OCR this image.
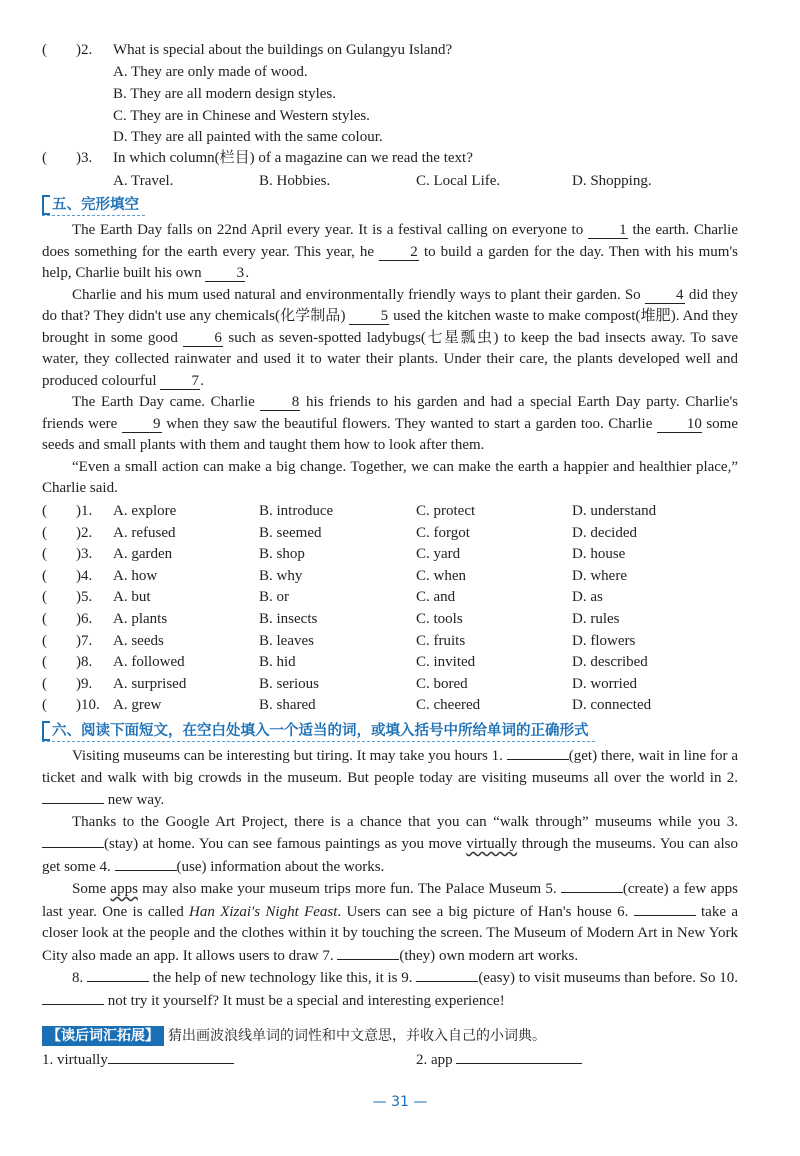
( )2. What is special about the buildings on Gulangyu Island?
A. They are only made of wood.
B. They are all modern design styles.
C. They are in Chinese and Western styles.
D. They are all painted with the same colour.
( )3. In which column(栏目) of a magazine can we read the text?
A. Travel.	B. Hobbies.	C. Local Life.	D. Shopping.
五、完形填空

The Earth Day falls on 22nd April every year. It is a festival calling on everyone to 1 the earth. Charlie does something for the earth every year. This year, he 2 to build a garden for the day. Then with his mum's help, Charlie built his own 3.

Charlie and his mum used natural and environmentally friendly ways to plant their garden. So 4 did they do that? They didn't use any chemicals(化学制品) 5 used the kitchen waste to make compost(堆肥). And they brought in some good 6 such as seven-spotted ladybugs(七星瓢虫) to keep the bad insects away. To save water, they collected rainwater and used it to water their plants. Under their care, the plants developed well and produced colourful 7.

The Earth Day came. Charlie 8 his friends to his garden and had a special Earth Day party. Charlie's friends were 9 when they saw the beautiful flowers. They wanted to start a garden too. Charlie 10 some seeds and small plants with them and taught them how to look after them.

“Even a small action can make a big change. Together, we can make the earth a happier and healthier place,” Charlie said.

( )1. A. explore	B. introduce	C. protect	D. understand
( )2. A. refused	B. seemed	C. forgot	D. decided
( )3. A. garden	B. shop	C. yard	D. house
( )4. A. how	B. why	C. when	D. where
( )5. A. but	B. or	C. and	D. as
( )6. A. plants	B. insects	C. tools	D. rules
( )7. A. seeds	B. leaves	C. fruits	D. flowers
( )8. A. followed	B. hid	C. invited	D. described
( )9. A. surprised	B. serious	C. bored	D. worried
( )10. A. grew	B. shared	C. cheered	D. connected
六、阅读下面短文，在空白处填入一个适当的词，或填入括号中所给单词的正确形式

Visiting museums can be interesting but tiring. It may take you hours 1.	(get) there, wait in line for a ticket and walk with big crowds in the museum. But people today are visiting museums all over the world in 2.  new way.

Thanks to the Google Art Project, there is a chance that you can “walk through” museums while you 3. (stay) at home. You can see famous paintings as you move virtually through the museums. You can also get some 4.	(use) information about the works.

Some apps may also make your museum trips more fun. The Palace Museum 5.	(create) a few apps last year. One is called Han Xizai's Night Feast. Users can see a big picture of Han's house 6.	take a closer look at the people and the clothes within it by touching the screen. The Museum of Modern Art in New York City also made an app. It allows users to draw 7.	(they) own modern art works.

8.	the help of new technology like this, it is 9.	(easy) to visit museums than before. So 10.  not try it yourself? It must be a special and interesting experience!

【读后词汇拓展】 猜出画波浪线单词的词性和中文意思，并收入自己的小词典。
1. virtually	2. app
— 31 —
